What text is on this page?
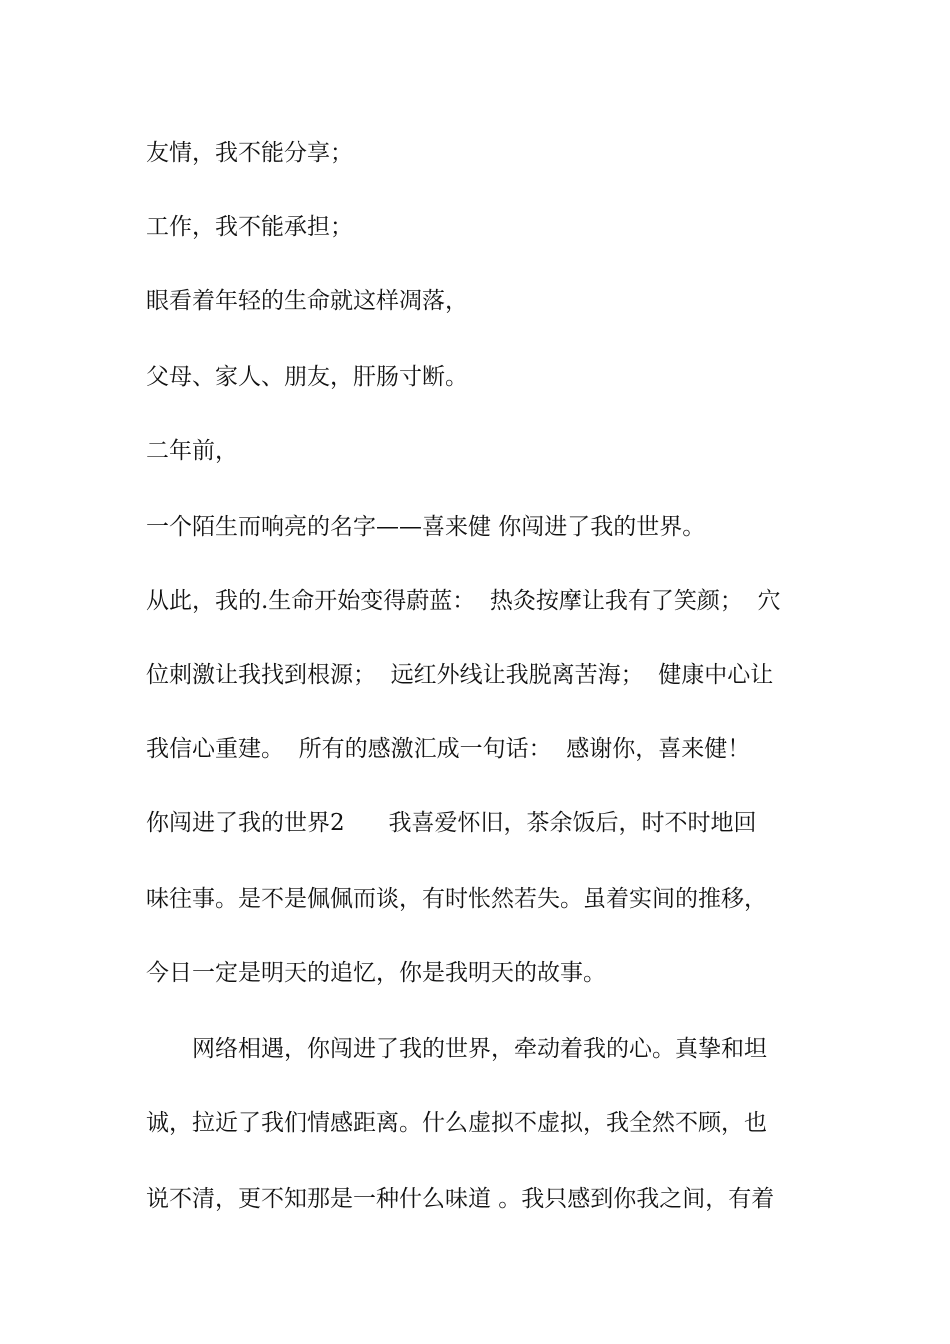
友情，我不能分享；

工作，我不能承担；

眼看着年轻的生命就这样凋落，

父母、家人、朋友，肝肠寸断。

二年前，

一个陌生而响亮的名字——喜来健 你闯进了我的世界。

从此，我的.生命开始变得蔚蓝：  热灸按摩让我有了笑颜；  穴

位刺激让我找到根源；  远红外线让我脱离苦海；  健康中心让

我信心重建。  所有的感激汇成一句话：  感谢你，喜来健！

你闯进了我的世界2      我喜爱怀旧，茶余饭后，时不时地回

味往事。是不是佩佩而谈，有时怅然若失。虽着实间的推移，

今日一定是明天的追忆，你是我明天的故事。

网络相遇，你闯进了我的世界，牵动着我的心。真挚和坦

诚，拉近了我们情感距离。什么虚拟不虚拟，我全然不顾，也

说不清，更不知那是一种什么味道 。我只感到你我之间，有着
